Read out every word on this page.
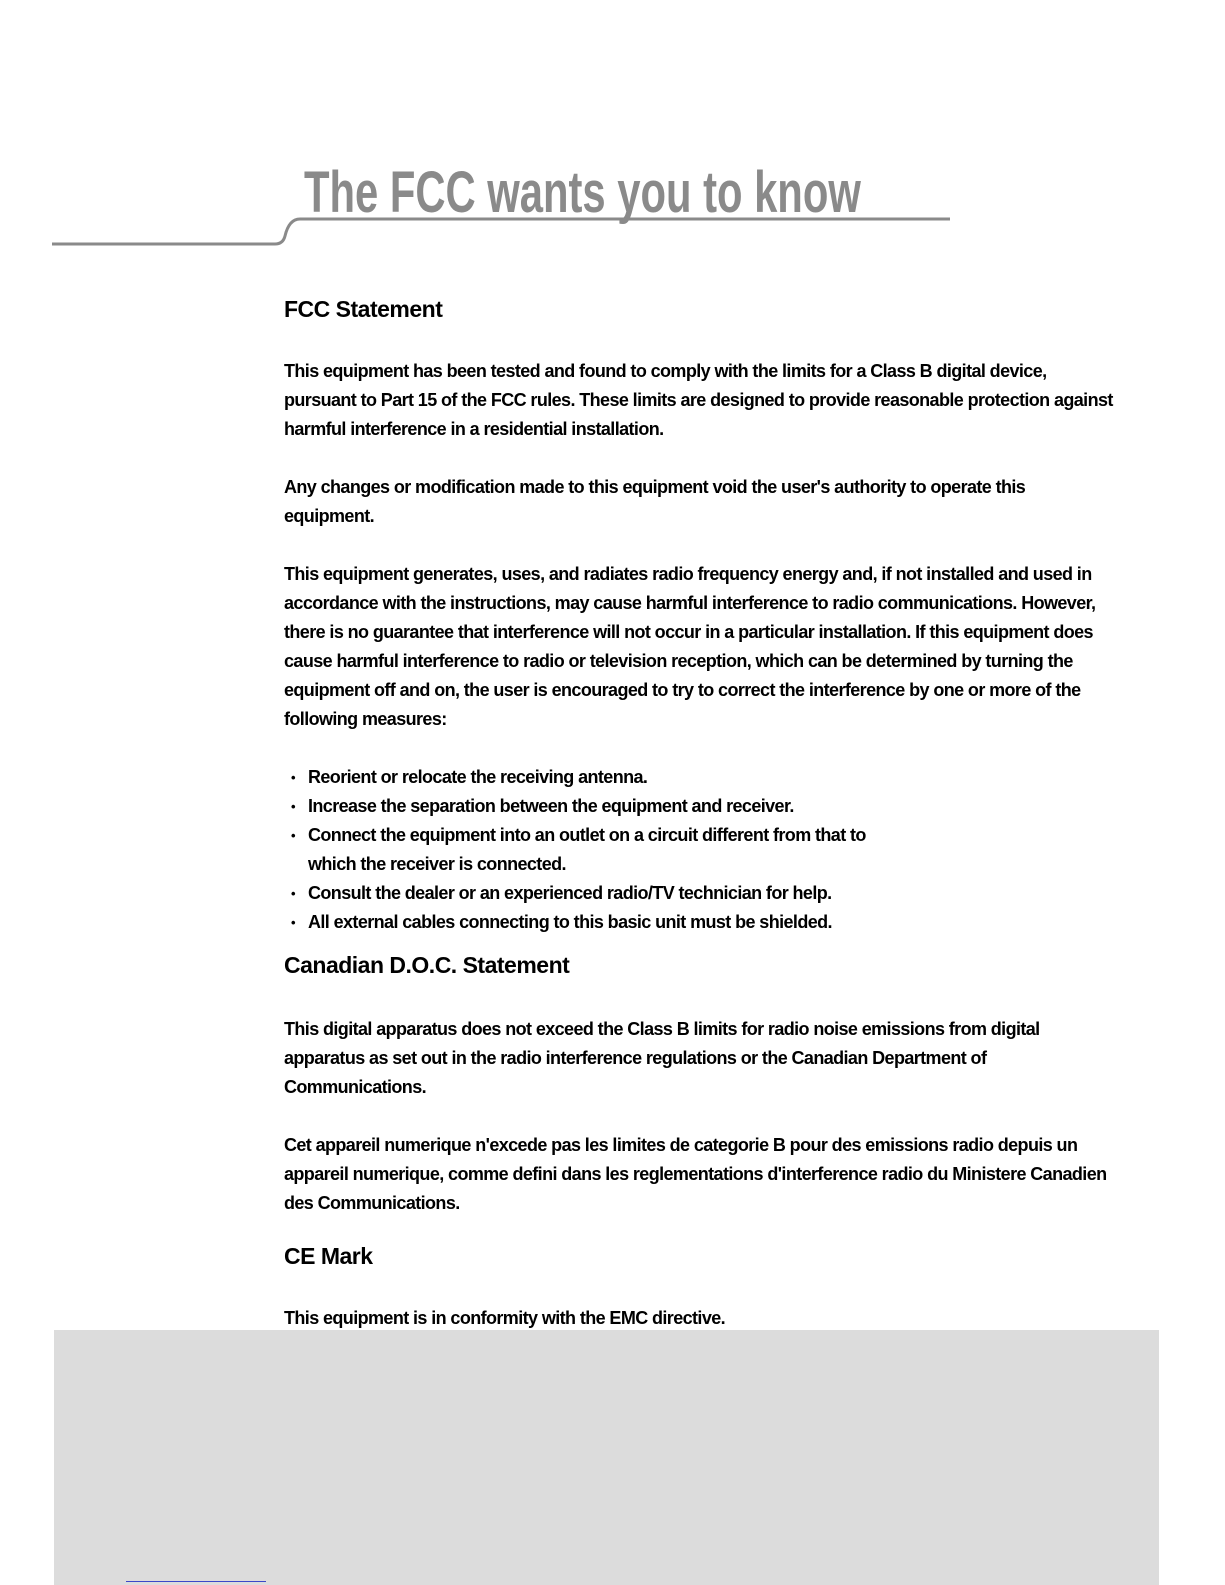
The FCC wants you to know
FCC Statement

This equipment has been tested and found to comply with the limits for a Class B digital device, pursuant to Part 15 of the FCC rules. These limits are designed to provide reasonable protection against harmful interference in a residential installation.

Any changes or modification made to this equipment void the user's authority to operate this equipment.

This equipment generates, uses, and radiates radio frequency energy and, if not installed and used in accordance with the instructions, may cause harmful interference to radio communications. However, there is no guarantee that interference will not occur in a particular installation. If this equipment does cause harmful interference to radio or television reception, which can be determined by turning the equipment off and on, the user is encouraged to try to correct the interference by one or more of the following measures:

• Reorient or relocate the receiving antenna.
• Increase the separation between the equipment and receiver.
• Connect the equipment into an outlet on a circuit different from that to which the receiver is connected.
• Consult the dealer or an experienced radio/TV technician for help.
• All external cables connecting to this basic unit must be shielded.
Canadian D.O.C. Statement

This digital apparatus does not exceed the Class B limits for radio noise emissions from digital apparatus as set out in the radio interference regulations or the Canadian Department of Communications.

Cet appareil numerique n'excede pas les limites de categorie B pour des emissions radio depuis un appareil numerique, comme defini dans les reglementations d'interference radio du Ministere Canadien des Communications.

CE Mark

This equipment is in conformity with the EMC directive.
